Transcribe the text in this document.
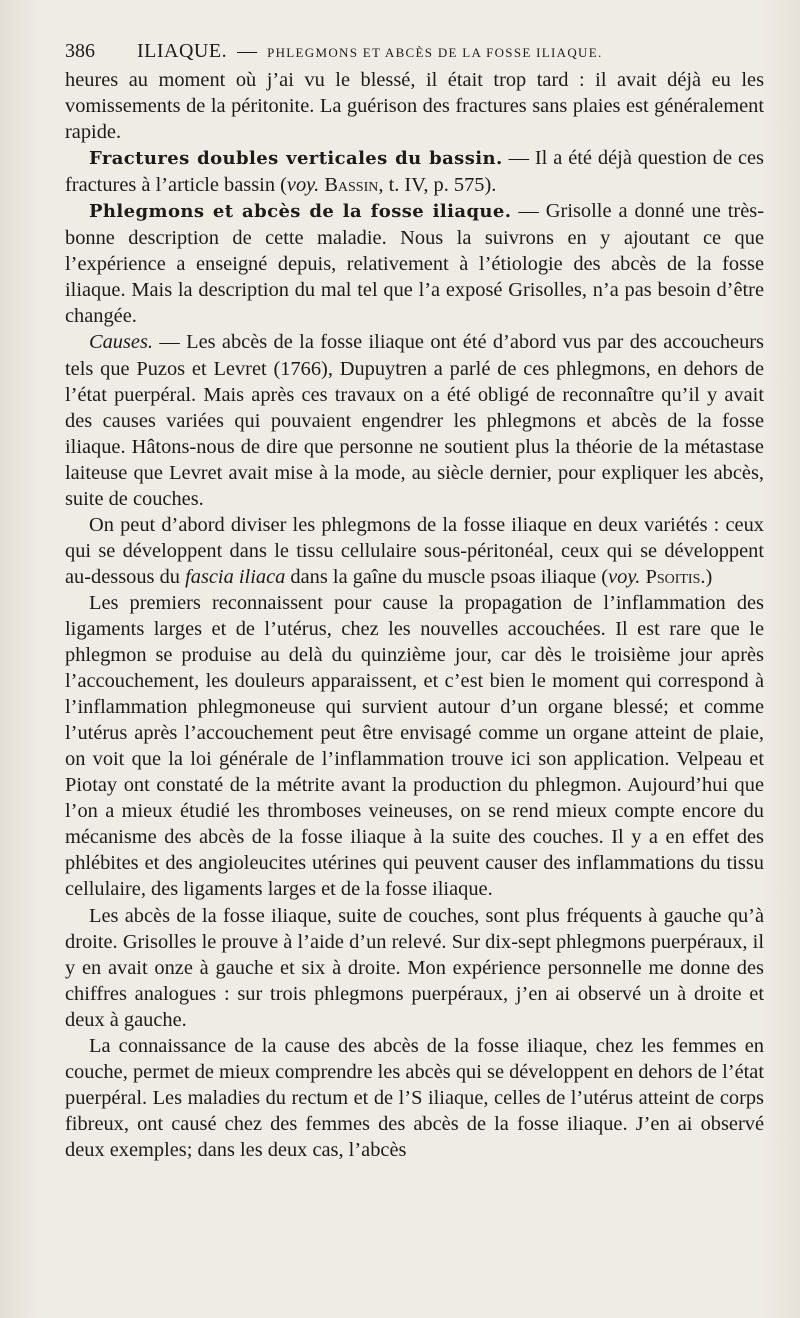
386 ILIAQUE. — PHLEGMONS ET ABCÈS DE LA FOSSE ILIAQUE.

heures au moment où j’ai vu le blessé, il était trop tard : il avait déjà eu les vomissements de la péritonite. La guérison des fractures sans plaies est généralement rapide.

Fractures doubles verticales du bassin. — Il a été déjà question de ces fractures à l’article bassin (voy. Bassin, t. IV, p. 575).

Phlegmons et abcès de la fosse iliaque. — Grisolle a donné une très-bonne description de cette maladie. Nous la suivrons en y ajoutant ce que l’expérience a enseigné depuis, relativement à l’étiologie des abcès de la fosse iliaque. Mais la description du mal tel que l’a exposé Grisolles, n’a pas besoin d’être changée.

Causes. — Les abcès de la fosse iliaque ont été d’abord vus par des accoucheurs tels que Puzos et Levret (1766), Dupuytren a parlé de ces phlegmons, en dehors de l’état puerpéral. Mais après ces travaux on a été obligé de reconnaître qu’il y avait des causes variées qui pouvaient engendrer les phlegmons et abcès de la fosse iliaque. Hâtons-nous de dire que personne ne soutient plus la théorie de la métastase laiteuse que Levret avait mise à la mode, au siècle dernier, pour expliquer les abcès, suite de couches.

On peut d’abord diviser les phlegmons de la fosse iliaque en deux variétés : ceux qui se développent dans le tissu cellulaire sous-péritonéal, ceux qui se développent au-dessous du fascia iliaca dans la gaîne du muscle psoas iliaque (voy. Psoitis.)

Les premiers reconnaissent pour cause la propagation de l’inflammation des ligaments larges et de l’utérus, chez les nouvelles accouchées. Il est rare que le phlegmon se produise au delà du quinzième jour, car dès le troisième jour après l’accouchement, les douleurs apparaissent, et c’est bien le moment qui correspond à l’inflammation phlegmoneuse qui survient autour d’un organe blessé; et comme l’utérus après l’accouchement peut être envisagé comme un organe atteint de plaie, on voit que la loi générale de l’inflammation trouve ici son application. Velpeau et Piotay ont constaté de la métrite avant la production du phlegmon. Aujourd’hui que l’on a mieux étudié les thromboses veineuses, on se rend mieux compte encore du mécanisme des abcès de la fosse iliaque à la suite des couches. Il y a en effet des phlébites et des angioleucites utérines qui peuvent causer des inflammations du tissu cellulaire, des ligaments larges et de la fosse iliaque.

Les abcès de la fosse iliaque, suite de couches, sont plus fréquents à gauche qu’à droite. Grisolles le prouve à l’aide d’un relevé. Sur dix-sept phlegmons puerpéraux, il y en avait onze à gauche et six à droite. Mon expérience personnelle me donne des chiffres analogues : sur trois phlegmons puerpéraux, j’en ai observé un à droite et deux à gauche.

La connaissance de la cause des abcès de la fosse iliaque, chez les femmes en couche, permet de mieux comprendre les abcès qui se développent en dehors de l’état puerpéral. Les maladies du rectum et de l’S iliaque, celles de l’utérus atteint de corps fibreux, ont causé chez des femmes des abcès de la fosse iliaque. J’en ai observé deux exemples; dans les deux cas, l’abcès
